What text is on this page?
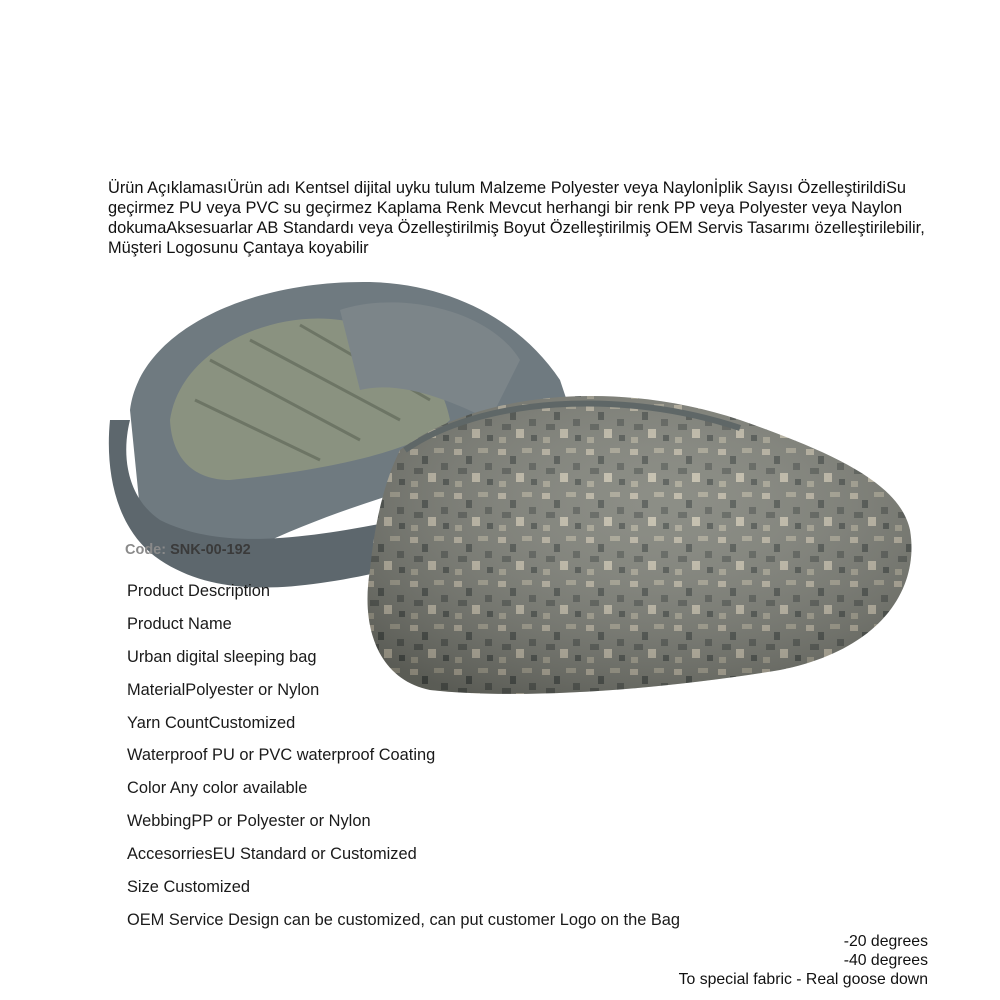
Ürün AçıklamasıÜrün adı Kentsel dijital uyku tulum Malzeme Polyester veya Naylonİplik Sayısı ÖzelleştirildiSu geçirmez PU veya PVC su geçirmez Kaplama Renk Mevcut herhangi bir renk PP veya Polyester veya Naylon dokumaAksesuarlar AB Standardı veya Özelleştirilmiş Boyut Özelleştirilmiş OEM Servis Tasarımı özelleştirilebilir, Müşteri Logosunu Çantaya koyabilir
Code: SNK-00-192
Product Description
Product Name
Urban digital sleeping bag
MaterialPolyester or Nylon
Yarn CountCustomized
Waterproof PU or PVC waterproof Coating
Color Any color available
WebbingPP or Polyester or Nylon
AccesorriesEU Standard or Customized
Size Customized
OEM Service Design can be customized, can put customer Logo on the Bag
-20 degrees
-40 degrees
To special fabric - Real goose down
